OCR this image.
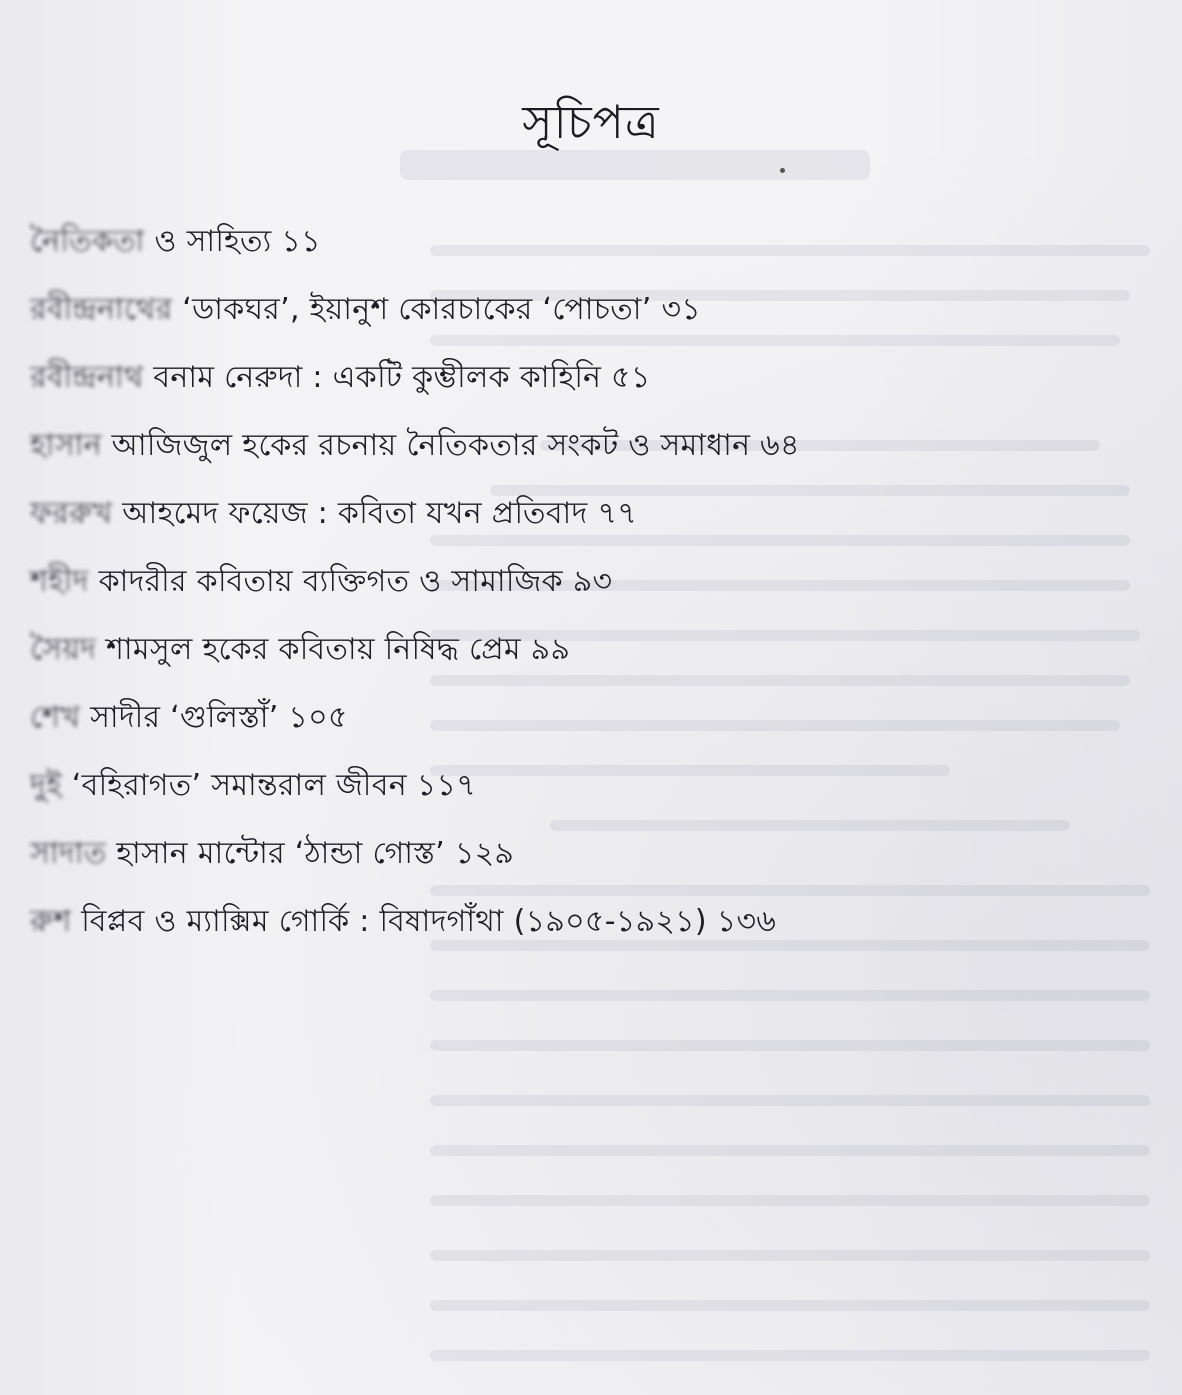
সূচিপত্র
নৈতিকতা ও সাহিত্য ১১
রবীন্দ্রনাথের ‘ডাকঘর’, ইয়ানুশ কোরচাকের ‘পোচতা’ ৩১
রবীন্দ্রনাথ বনাম নেরুদা : একটি কুম্ভীলক কাহিনি ৫১
হাসান আজিজুল হকের রচনায় নৈতিকতার সংকট ও সমাধান ৬৪
ফররুখ আহমেদ ফয়েজ : কবিতা যখন প্রতিবাদ ৭৭
শহীদ কাদরীর কবিতায় ব্যক্তিগত ও সামাজিক ৯৩
সৈয়দ শামসুল হকের কবিতায় নিষিদ্ধ প্রেম ৯৯
শেখ সাদীর ‘গুলিস্তাঁ’ ১০৫
দুই ‘বহিরাগত’ সমান্তরাল জীবন ১১৭
সাদাত হাসান মান্টোর ‘ঠান্ডা গোস্ত’ ১২৯
রুশ বিপ্লব ও ম্যাক্সিম গোর্কি : বিষাদগাঁথা (১৯০৫-১৯২১) ১৩৬
